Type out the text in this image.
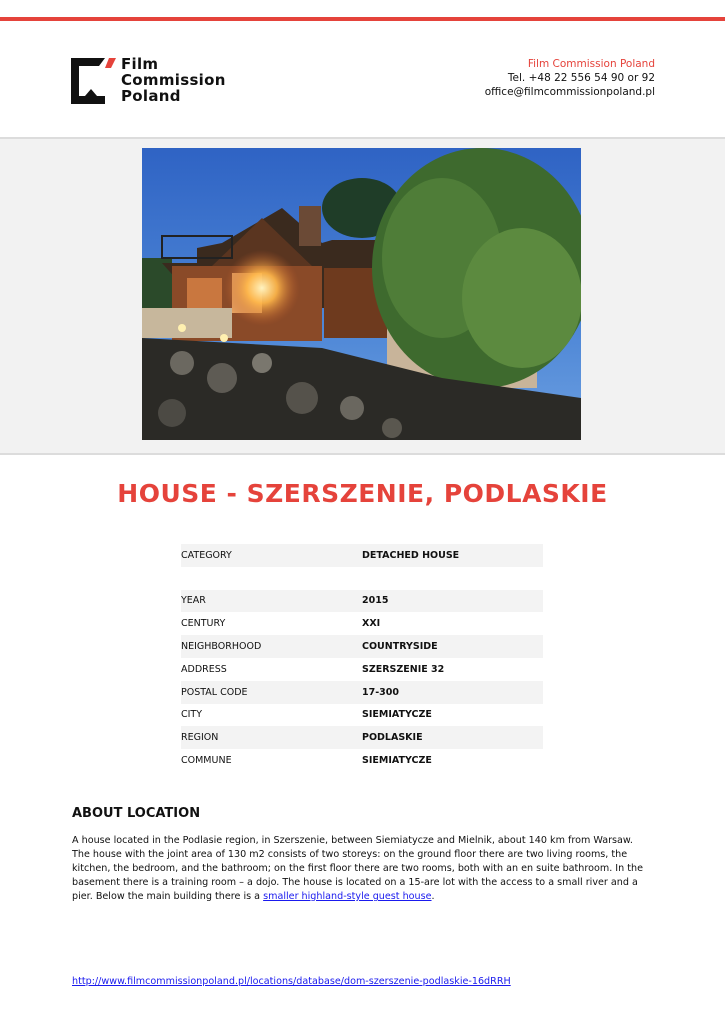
Film
Commission
Poland
Film Commission Poland
Tel. +48 22 556 54 90 or 92
office@filmcommissionpoland.pl
HOUSE - SZERSZENIE, PODLASKIE
CATEGORY	DETACHED HOUSE
YEAR	2015
CENTURY	XXI
NEIGHBORHOOD	COUNTRYSIDE
ADDRESS	SZERSZENIE 32
POSTAL CODE	17-300
CITY	SIEMIATYCZE
REGION	PODLASKIE
COMMUNE	SIEMIATYCZE
ABOUT LOCATION
A house located in the Podlasie region, in Szerszenie, between Siemiatycze and Mielnik, about 140 km from Warsaw. The house with the joint area of 130 m2 consists of two storeys: on the ground floor there are two living rooms, the kitchen, the bedroom, and the bathroom; on the first floor there are two rooms, both with an en suite bathroom. In the basement there is a training room – a dojo. The house is located on a 15-are lot with the access to a small river and a pier. Below the main building there is a smaller highland-style guest house.
http://www.filmcommissionpoland.pl/locations/database/dom-szerszenie-podlaskie-16dRRH
